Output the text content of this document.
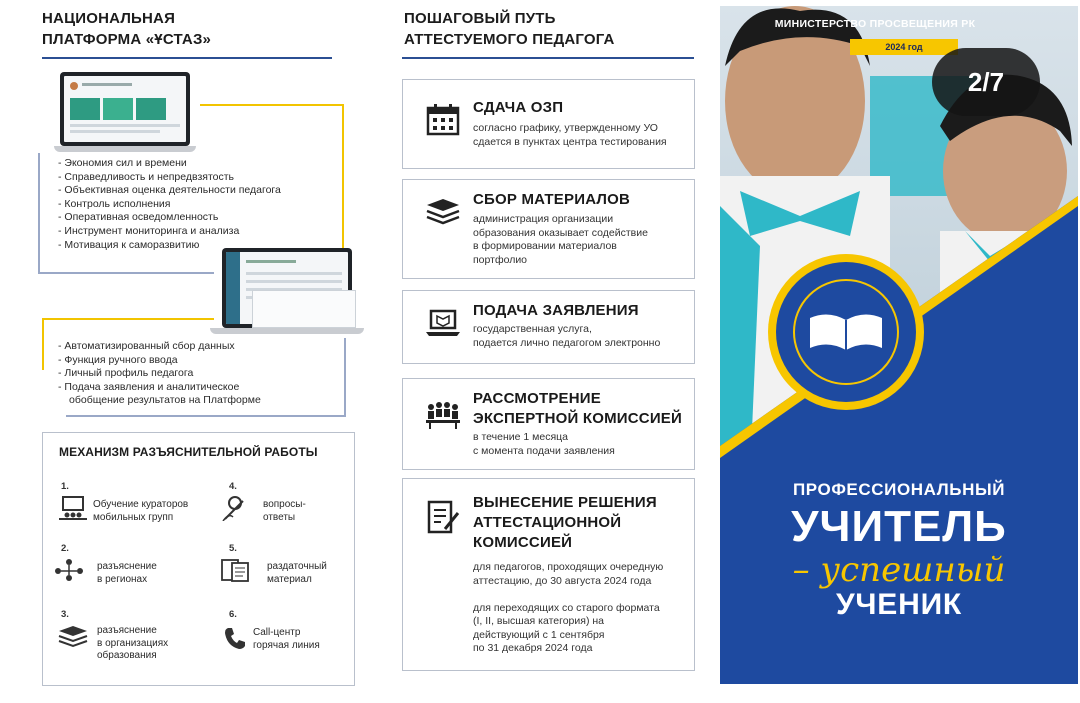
НАЦИОНАЛЬНАЯ
ПЛАТФОРМА «ҰСТАЗ»
- Экономия сил и времени
- Справедливость и непредвзятость
- Объективная оценка деятельности педагога
- Контроль исполнения
- Оперативная осведомленность
- Инструмент мониторинга и анализа
- Мотивация к саморазвитию
- Автоматизированный сбор данных
- Функция ручного ввода
- Личный профиль педагога
- Подача заявления и аналитическое
обобщение результатов на Платформе
МЕХАНИЗМ РАЗЪЯСНИТЕЛЬНОЙ РАБОТЫ
1.
Обучение кураторов
мобильных групп
2.
разъяснение
в регионах
3.
разъяснение
в организациях
образования
4.
вопросы-
ответы
5.
раздаточный
материал
6.
Call-центр
горячая линия
ПОШАГОВЫЙ ПУТЬ
АТТЕСТУЕМОГО ПЕДАГОГА
СДАЧА ОЗП
согласно графику, утвержденному УО
сдается в пунктах центра тестирования
СБОР МАТЕРИАЛОВ
администрация организации
образования оказывает содействие
в формировании материалов
портфолио
ПОДАЧА ЗАЯВЛЕНИЯ
государственная услуга,
подается лично педагогом электронно
РАССМОТРЕНИЕ
ЭКСПЕРТНОЙ КОМИССИЕЙ
в течение 1 месяца
с момента подачи заявления
ВЫНЕСЕНИЕ РЕШЕНИЯ
АТТЕСТАЦИОННОЙ
КОМИССИЕЙ
для педагогов, проходящих очередную
аттестацию, до 30 августа 2024 года
для переходящих со старого формата
(I, II, высшая категория) на
действующий с 1 сентября
по 31 декабря 2024 года
МИНИСТЕРСТВО ПРОСВЕЩЕНИЯ РК
2024 год
2/7
ПРОФЕССИОНАЛЬНЫЙ
УЧИТЕЛЬ
– успешный
УЧЕНИК
